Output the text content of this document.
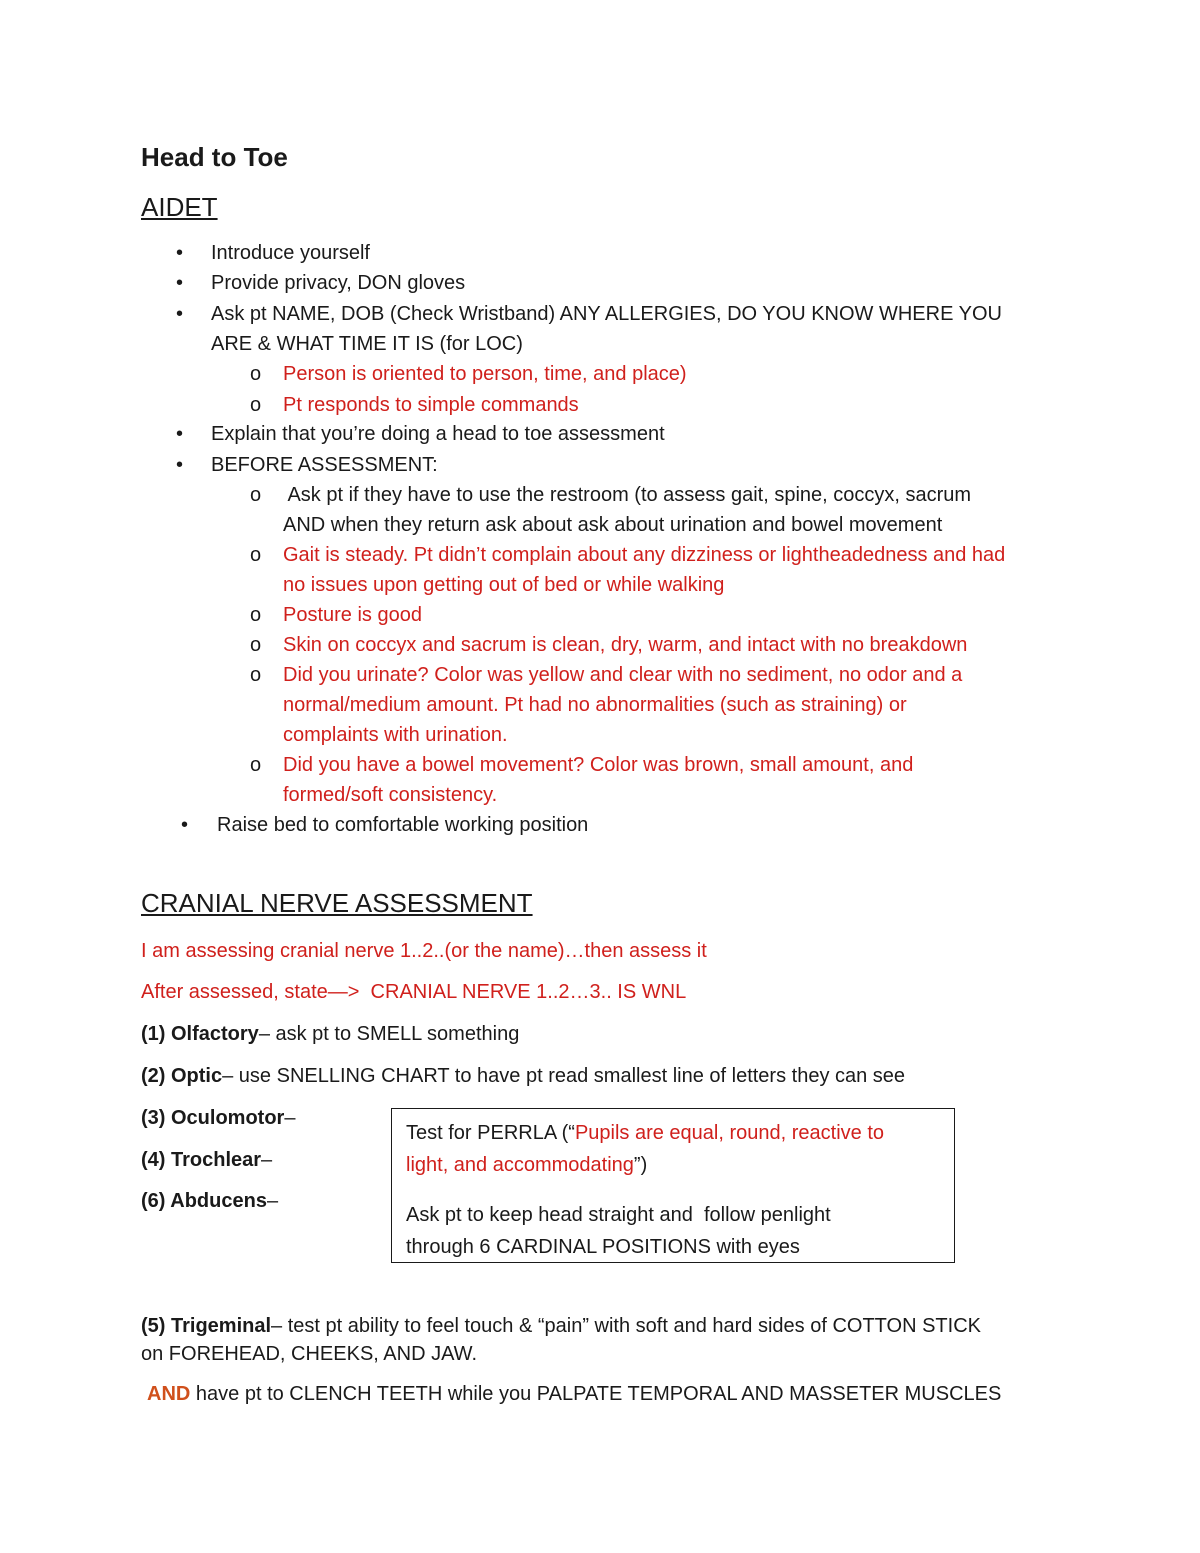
Head to Toe
AIDET
• Introduce yourself
• Provide privacy, DON gloves
• Ask pt NAME, DOB (Check Wristband) ANY ALLERGIES, DO YOU KNOW WHERE YOU
ARE & WHAT TIME IT IS (for LOC)
o Person is oriented to person, time, and place)
o Pt responds to simple commands
• Explain that you’re doing a head to toe assessment
• BEFORE ASSESSMENT:
o Ask pt if they have to use the restroom (to assess gait, spine, coccyx, sacrum
AND when they return ask about ask about urination and bowel movement
o Gait is steady. Pt didn’t complain about any dizziness or lightheadedness and had
no issues upon getting out of bed or while walking
o Posture is good
o Skin on coccyx and sacrum is clean, dry, warm, and intact with no breakdown
o Did you urinate? Color was yellow and clear with no sediment, no odor and a
normal/medium amount. Pt had no abnormalities (such as straining) or
complaints with urination.
o Did you have a bowel movement? Color was brown, small amount, and
formed/soft consistency.
• Raise bed to comfortable working position
CRANIAL NERVE ASSESSMENT
I am assessing cranial nerve 1..2..(or the name)…then assess it
After assessed, state—>  CRANIAL NERVE 1..2…3.. IS WNL
(1) Olfactory– ask pt to SMELL something
(2) Optic– use SNELLING CHART to have pt read smallest line of letters they can see
(3) Oculomotor–
(4) Trochlear–
(6) Abducens–

Test for PERRLA (“Pupils are equal, round, reactive to

light, and accommodating”)

Ask pt to keep head straight and  follow penlight

through 6 CARDINAL POSITIONS with eyes

(5) Trigeminal– test pt ability to feel touch & “pain” with soft and hard sides of COTTON STICK
on FOREHEAD, CHEEKS, AND JAW.
AND have pt to CLENCH TEETH while you PALPATE TEMPORAL AND MASSETER MUSCLES
